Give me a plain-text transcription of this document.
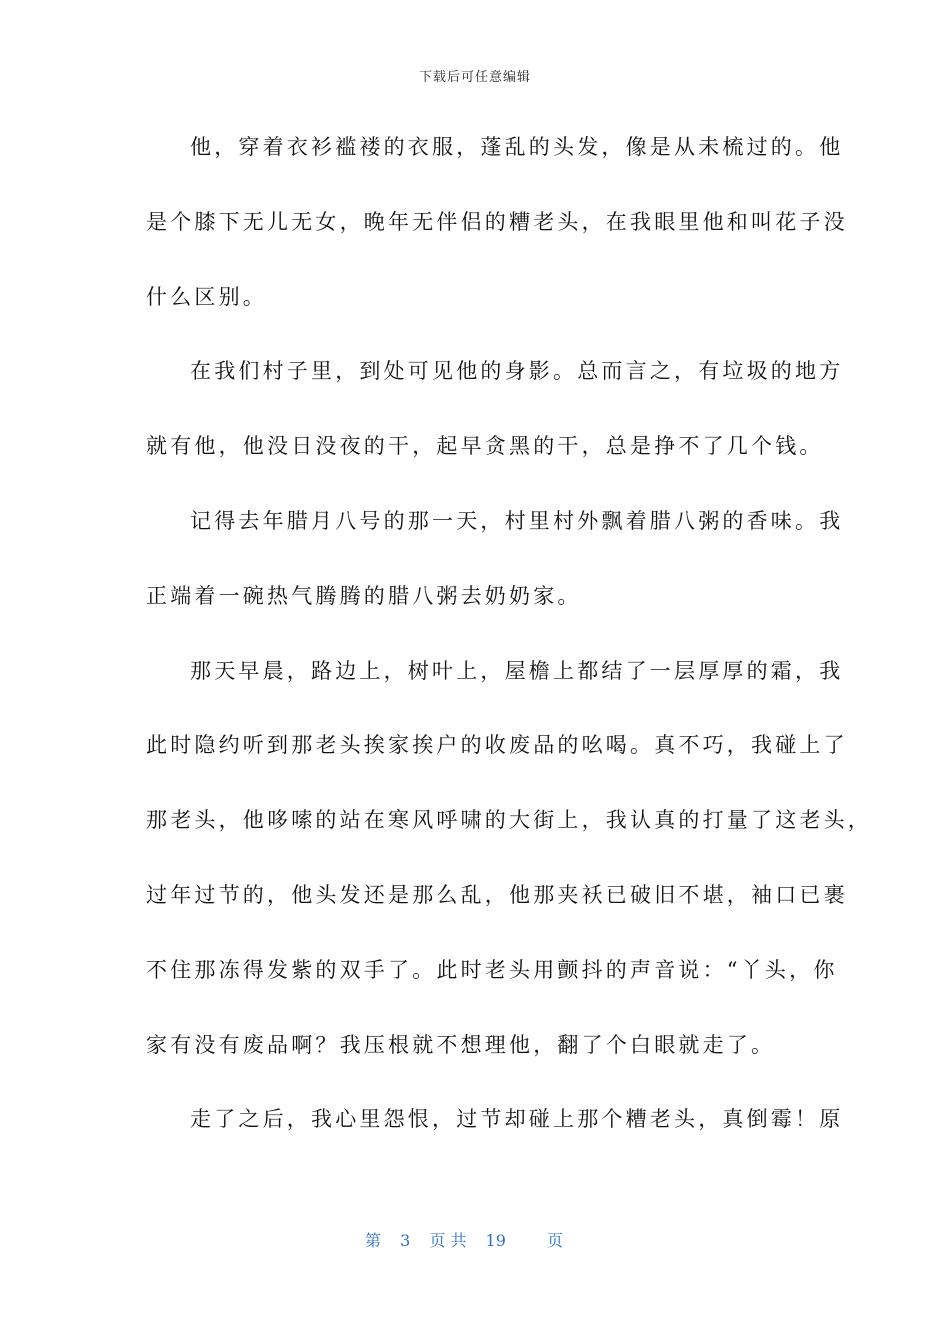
下载后可任意编辑
他，穿着衣衫褴褛的衣服，蓬乱的头发，像是从未梳过的。他
是个膝下无儿无女，晚年无伴侣的糟老头，在我眼里他和叫花子没
什么区别。
在我们村子里，到处可见他的身影。总而言之，有垃圾的地方
就有他，他没日没夜的干，起早贪黑的干，总是挣不了几个钱。
记得去年腊月八号的那一天，村里村外飘着腊八粥的香味。我
正端着一碗热气腾腾的腊八粥去奶奶家。
那天早晨，路边上，树叶上，屋檐上都结了一层厚厚的霜，我
此时隐约听到那老头挨家挨户的收废品的吆喝。真不巧，我碰上了
那老头，他哆嗦的站在寒风呼啸的大街上，我认真的打量了这老头，
过年过节的，他头发还是那么乱，他那夹袄已破旧不堪，袖口已裹
不住那冻得发紫的双手了。此时老头用颤抖的声音说：“丫头，你
家有没有废品啊？我压根就不想理他，翻了个白眼就走了。
走了之后，我心里怨恨，过节却碰上那个糟老头，真倒霉！原
第 3 页 共 19	页
